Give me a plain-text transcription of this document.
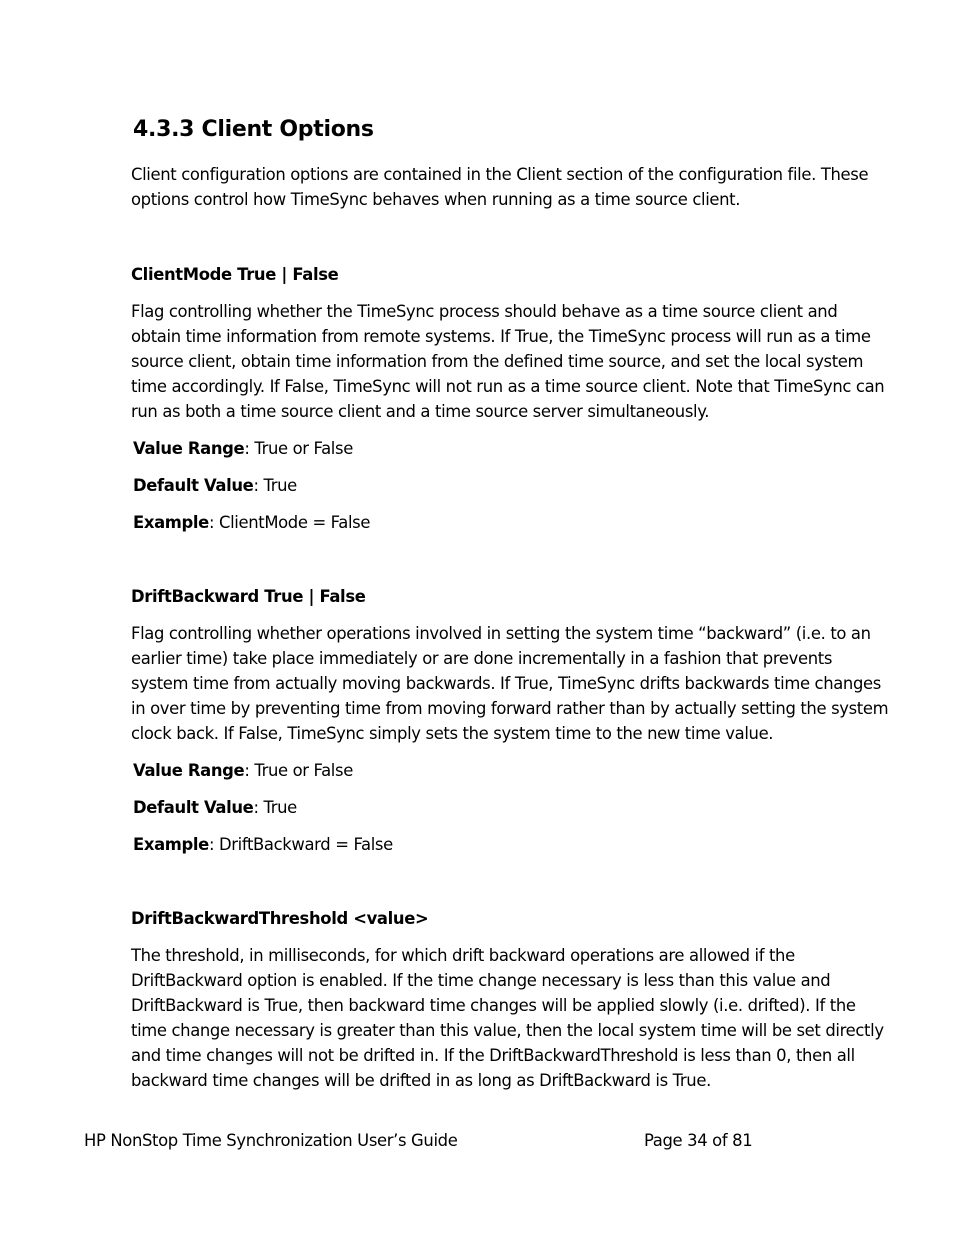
4.3.3 Client Options

Client configuration options are contained in the Client section of the configuration file. These options control how TimeSync behaves when running as a time source client.

ClientMode True | False

Flag controlling whether the TimeSync process should behave as a time source client and obtain time information from remote systems. If True, the TimeSync process will run as a time source client, obtain time information from the defined time source, and set the local system time accordingly. If False, TimeSync will not run as a time source client. Note that TimeSync can run as both a time source client and a time source server simultaneously.

Value Range: True or False
Default Value: True
Example: ClientMode = False
DriftBackward True | False

Flag controlling whether operations involved in setting the system time “backward” (i.e. to an earlier time) take place immediately or are done incrementally in a fashion that prevents system time from actually moving backwards. If True, TimeSync drifts backwards time changes in over time by preventing time from moving forward rather than by actually setting the system clock back. If False, TimeSync simply sets the system time to the new time value.

Value Range: True or False
Default Value: True
Example: DriftBackward = False
DriftBackwardThreshold <value>

The threshold, in milliseconds, for which drift backward operations are allowed if the DriftBackward option is enabled. If the time change necessary is less than this value and DriftBackward is True, then backward time changes will be applied slowly (i.e. drifted). If the time change necessary is greater than this value, then the local system time will be set directly and time changes will not be drifted in. If the DriftBackwardThreshold is less than 0, then all backward time changes will be drifted in as long as DriftBackward is True.

HP NonStop Time Synchronization User’s Guide	Page 34 of 81
